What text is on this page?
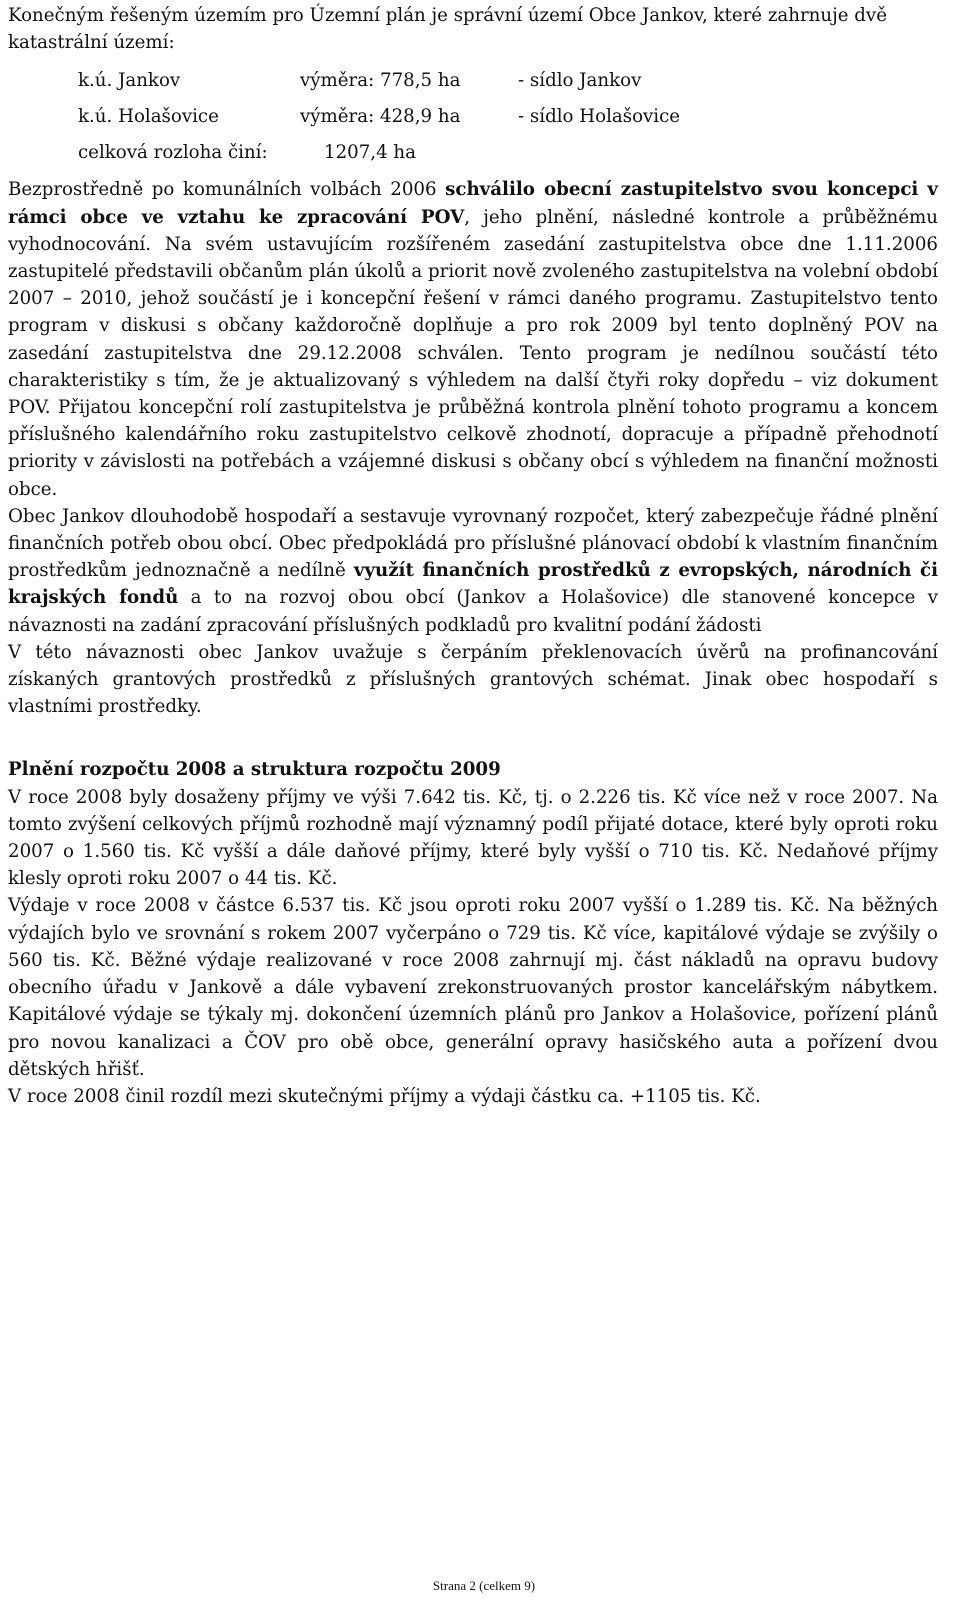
Konečným řešeným územím pro Územní plán je správní území Obce Jankov, které zahrnuje dvě katastrální území:

k.ú. Jankov	výměra: 778,5 ha	- sídlo Jankov
k.ú. Holašovice	výměra: 428,9 ha	- sídlo Holašovice
celková rozloha činí:	1207,4 ha

Bezprostředně po komunálních volbách 2006 schválilo obecní zastupitelstvo svou koncepci v rámci obce ve vztahu ke zpracování POV, jeho plnění, následné kontrole a průběžnému vyhodnocování. Na svém ustavujícím rozšířeném zasedání zastupitelstva obce dne 1.11.2006 zastupitelé představili občanům plán úkolů a priorit nově zvoleného zastupitelstva na volební období 2007 – 2010, jehož součástí je i koncepční řešení v rámci daného programu. Zastupitelstvo tento program v diskusi s občany každoročně doplňuje a pro rok 2009 byl tento doplněný POV na zasedání zastupitelstva dne 29.12.2008 schválen. Tento program je nedílnou součástí této charakteristiky s tím, že je aktualizovaný s výhledem na další čtyři roky dopředu – viz dokument POV. Přijatou koncepční rolí zastupitelstva je průběžná kontrola plnění tohoto programu a koncem příslušného kalendářního roku zastupitelstvo celkově zhodnotí, dopracuje a případně přehodnotí priority v závislosti na potřebách a vzájemné diskusi s občany obcí s výhledem na finanční možnosti obce.

Obec Jankov dlouhodobě hospodaří a sestavuje vyrovnaný rozpočet, který zabezpečuje řádné plnění finančních potřeb obou obcí. Obec předpokládá pro příslušné plánovací období k vlastním finančním prostředkům jednoznačně a nedílně využít finančních prostředků z evropských, národních či krajských fondů a to na rozvoj obou obcí (Jankov a Holašovice) dle stanovené koncepce v návaznosti na zadání zpracování příslušných podkladů pro kvalitní podání žádosti

V této návaznosti obec Jankov uvažuje s čerpáním překlenovacích úvěrů na profinancování získaných grantových prostředků z příslušných grantových schémat. Jinak obec hospodaří s vlastními prostředky.

Plnění rozpočtu 2008 a struktura rozpočtu 2009

V roce 2008 byly dosaženy příjmy ve výši 7.642 tis. Kč, tj. o 2.226 tis. Kč více než v roce 2007. Na tomto zvýšení celkových příjmů rozhodně mají významný podíl přijaté dotace, které byly oproti roku 2007 o 1.560 tis. Kč vyšší a dále daňové příjmy, které byly vyšší o 710 tis. Kč. Nedaňové příjmy klesly oproti roku 2007 o 44 tis. Kč.

Výdaje v roce 2008 v částce 6.537 tis. Kč jsou oproti roku 2007 vyšší o 1.289 tis. Kč. Na běžných výdajích bylo ve srovnání s rokem 2007 vyčerpáno o 729 tis. Kč více, kapitálové výdaje se zvýšily o 560 tis. Kč. Běžné výdaje realizované v roce 2008 zahrnují mj. část nákladů na opravu budovy obecního úřadu v Jankově a dále vybavení zrekonstruovaných prostor kancelářským nábytkem. Kapitálové výdaje se týkaly mj. dokončení územních plánů pro Jankov a Holašovice, pořízení plánů pro novou kanalizaci a ČOV pro obě obce, generální opravy hasičského auta a pořízení dvou dětských hřišť.

V roce 2008 činil rozdíl mezi skutečnými příjmy a výdaji částku ca. +1105 tis. Kč.

Strana 2 (celkem 9)
